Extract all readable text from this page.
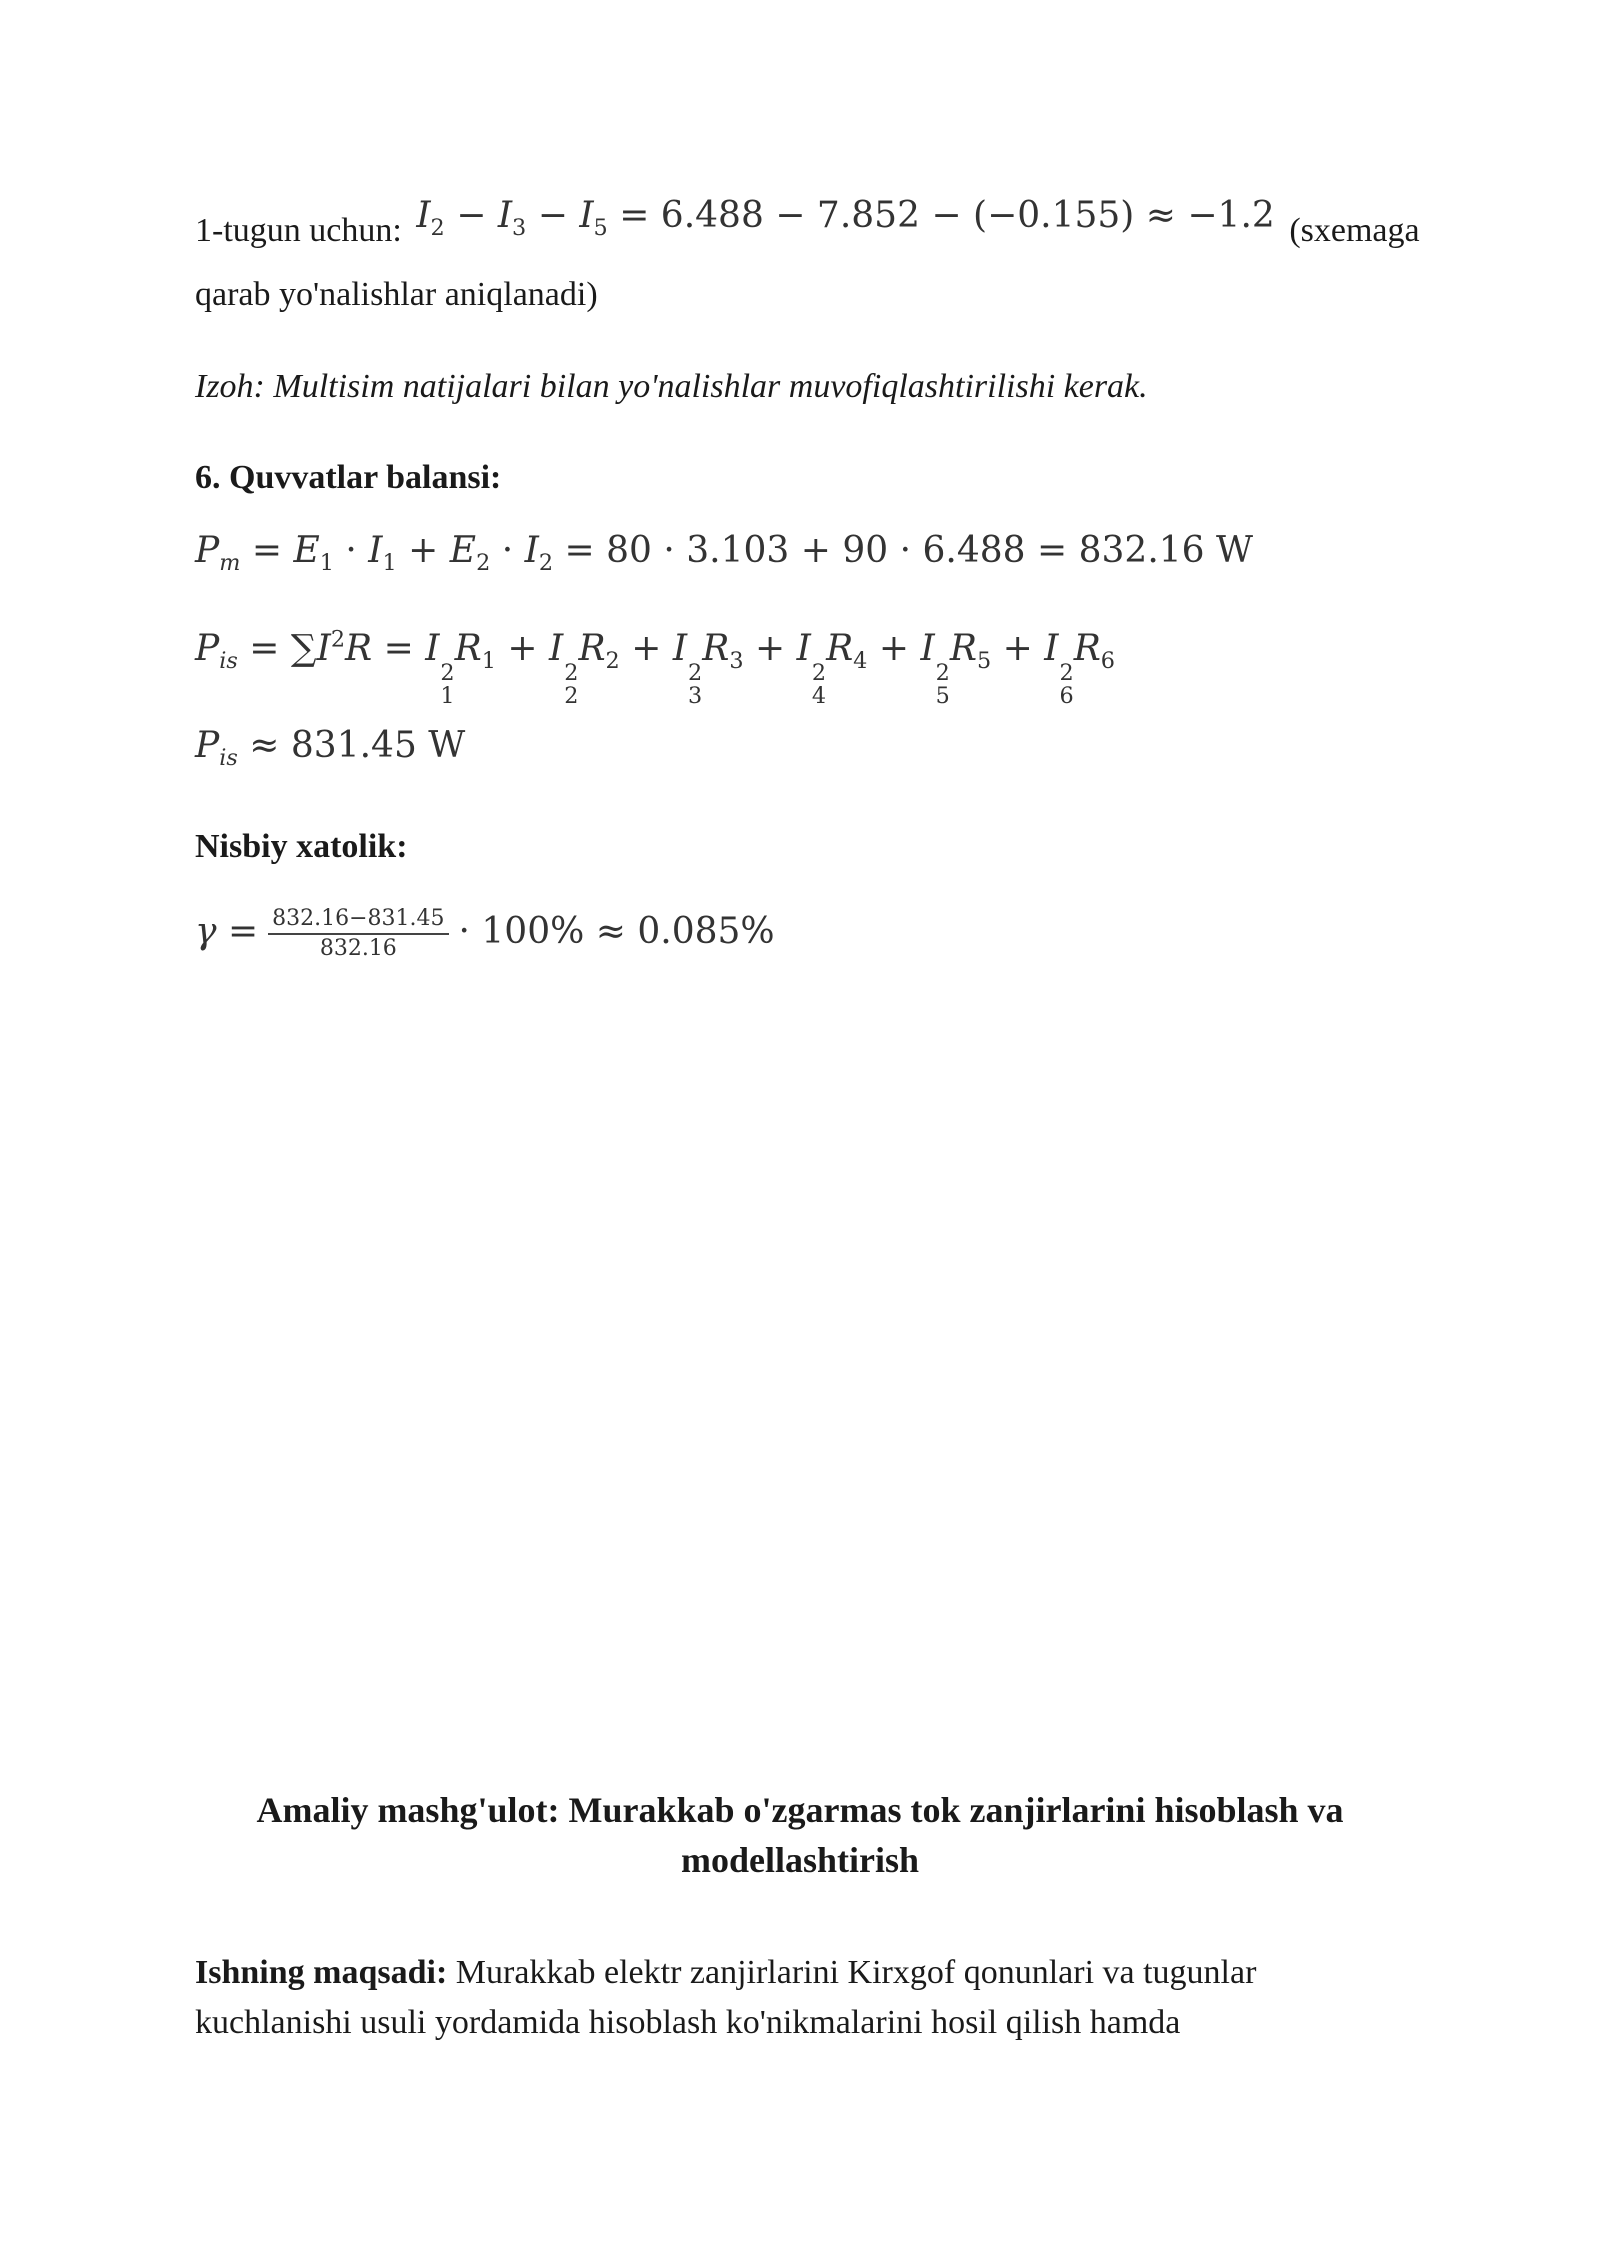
1-tugun uchun: $I_2 - I_3 - I_5 = 6.488 - 7.852 - (-0.155) \approx -1.2$ (sxemaga
qarab yo'nalishlar aniqlanadi)
Izoh: Multisim natijalari bilan yo'nalishlar muvofiqlashtirilishi kerak.
6. Quvvatlar balansi:
$P_m = E_1 \cdot I_1 + E_2 \cdot I_2 = 80 \cdot 3.103 + 90 \cdot 6.488 = 832.16$ W
$P_{is} = \sum I^2R = I$
2
1
$R_1 + I$
2
2
$R_2 + I$
2
3
$R_3 + I$
2
4
$R_4 + I$
2
5
$R_5 + I$
2
6
$R_6$
$P_{is} \approx 831.45$ W
Nisbiy xatolik:
$\gamma = \frac{832.16-831.45}{832.16} \cdot 100\% \approx 0.085\%$
Amaliy mashg'ulot: Murakkab o'zgarmas tok zanjirlarini hisoblash va
modellashtirish
Ishning maqsadi: Murakkab elektr zanjirlarini Kirxgof qonunlari va tugunlar
kuchlanishi usuli yordamida hisoblash ko'nikmalarini hosil qilish hamda
